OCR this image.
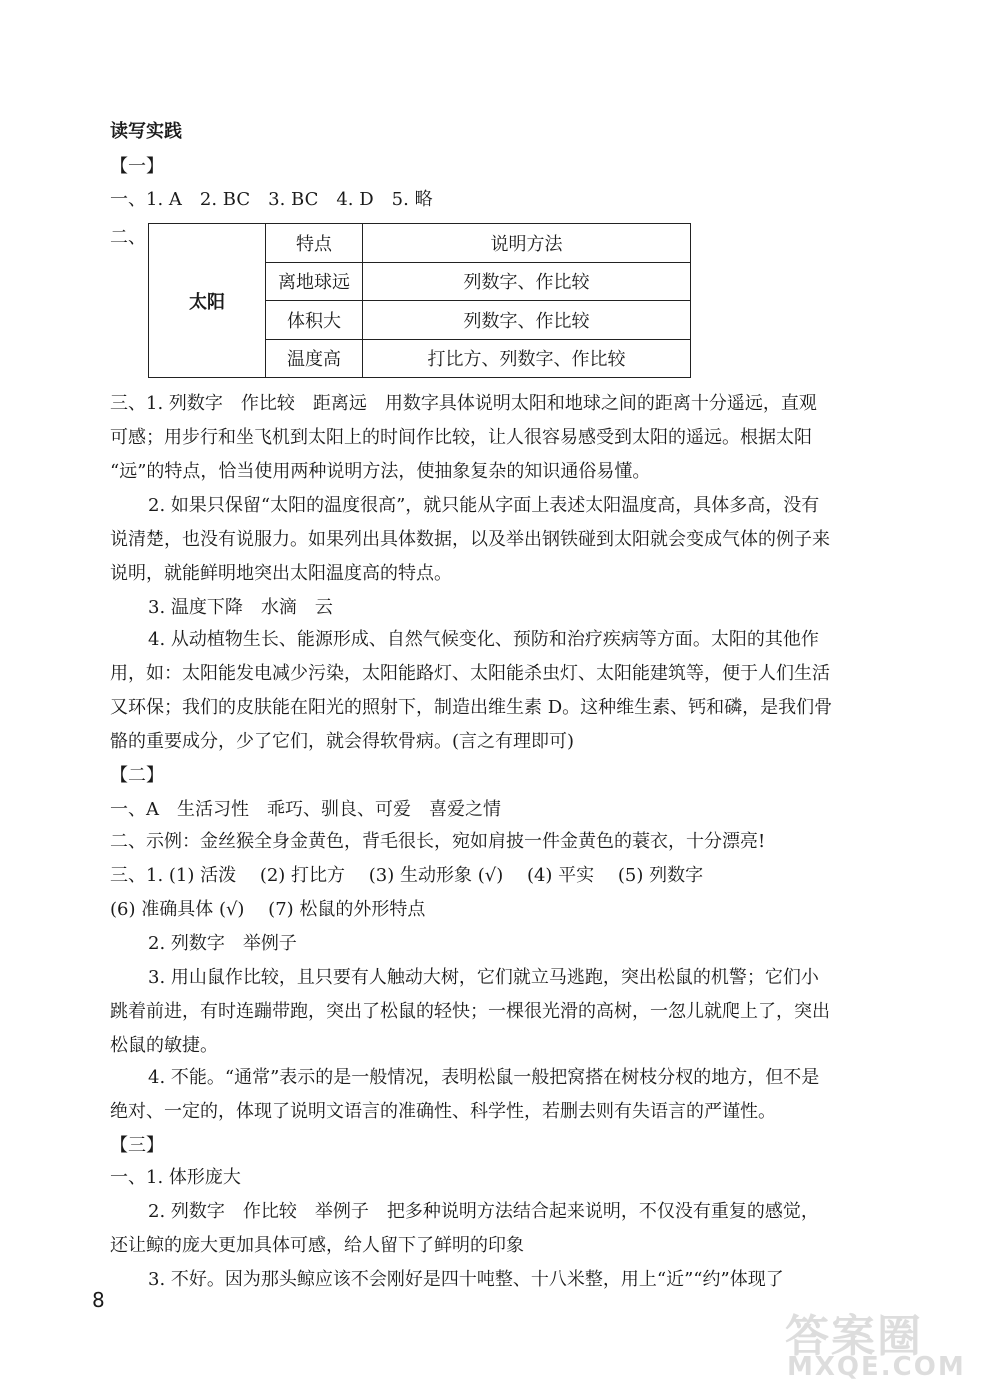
读写实践
【一】
一、1. A　2. BC　3. BC　4. D　5. 略
二、
太阳	特点	说明方法
	离地球远	列数字、作比较
	体积大	列数字、作比较
	温度高	打比方、列数字、作比较
三、1. 列数字　作比较　距离远　用数字具体说明太阳和地球之间的距离十分遥远，直观
可感；用步行和坐飞机到太阳上的时间作比较，让人很容易感受到太阳的遥远。根据太阳
“远”的特点，恰当使用两种说明方法，使抽象复杂的知识通俗易懂。
2. 如果只保留“太阳的温度很高”，就只能从字面上表述太阳温度高，具体多高，没有
说清楚，也没有说服力。如果列出具体数据，以及举出钢铁碰到太阳就会变成气体的例子来
说明，就能鲜明地突出太阳温度高的特点。
3. 温度下降　水滴　云
4. 从动植物生长、能源形成、自然气候变化、预防和治疗疾病等方面。太阳的其他作
用，如：太阳能发电减少污染，太阳能路灯、太阳能杀虫灯、太阳能建筑等，便于人们生活
又环保；我们的皮肤能在阳光的照射下，制造出维生素 D。这种维生素、钙和磷，是我们骨
骼的重要成分，少了它们，就会得软骨病。(言之有理即可)
【二】
一、A　生活习性　乖巧、驯良、可爱　喜爱之情
二、示例：金丝猴全身金黄色，背毛很长，宛如肩披一件金黄色的蓑衣，十分漂亮!
三、1. (1) 活泼　 (2) 打比方　 (3) 生动形象 (√)　 (4) 平实　 (5) 列数字
(6) 准确具体 (√)　 (7) 松鼠的外形特点
2. 列数字　举例子
3. 用山鼠作比较，且只要有人触动大树，它们就立马逃跑，突出松鼠的机警；它们小
跳着前进，有时连蹦带跑，突出了松鼠的轻快；一棵很光滑的高树，一忽儿就爬上了，突出
松鼠的敏捷。
4. 不能。“通常”表示的是一般情况，表明松鼠一般把窝搭在树枝分杈的地方，但不是
绝对、一定的，体现了说明文语言的准确性、科学性，若删去则有失语言的严谨性。
【三】
一、1. 体形庞大
2. 列数字　作比较　举例子　把多种说明方法结合起来说明，不仅没有重复的感觉，
还让鲸的庞大更加具体可感，给人留下了鲜明的印象
3. 不好。因为那头鲸应该不会刚好是四十吨整、十八米整，用上“近”“约”体现了
8
答案圈
MXQE.COM
